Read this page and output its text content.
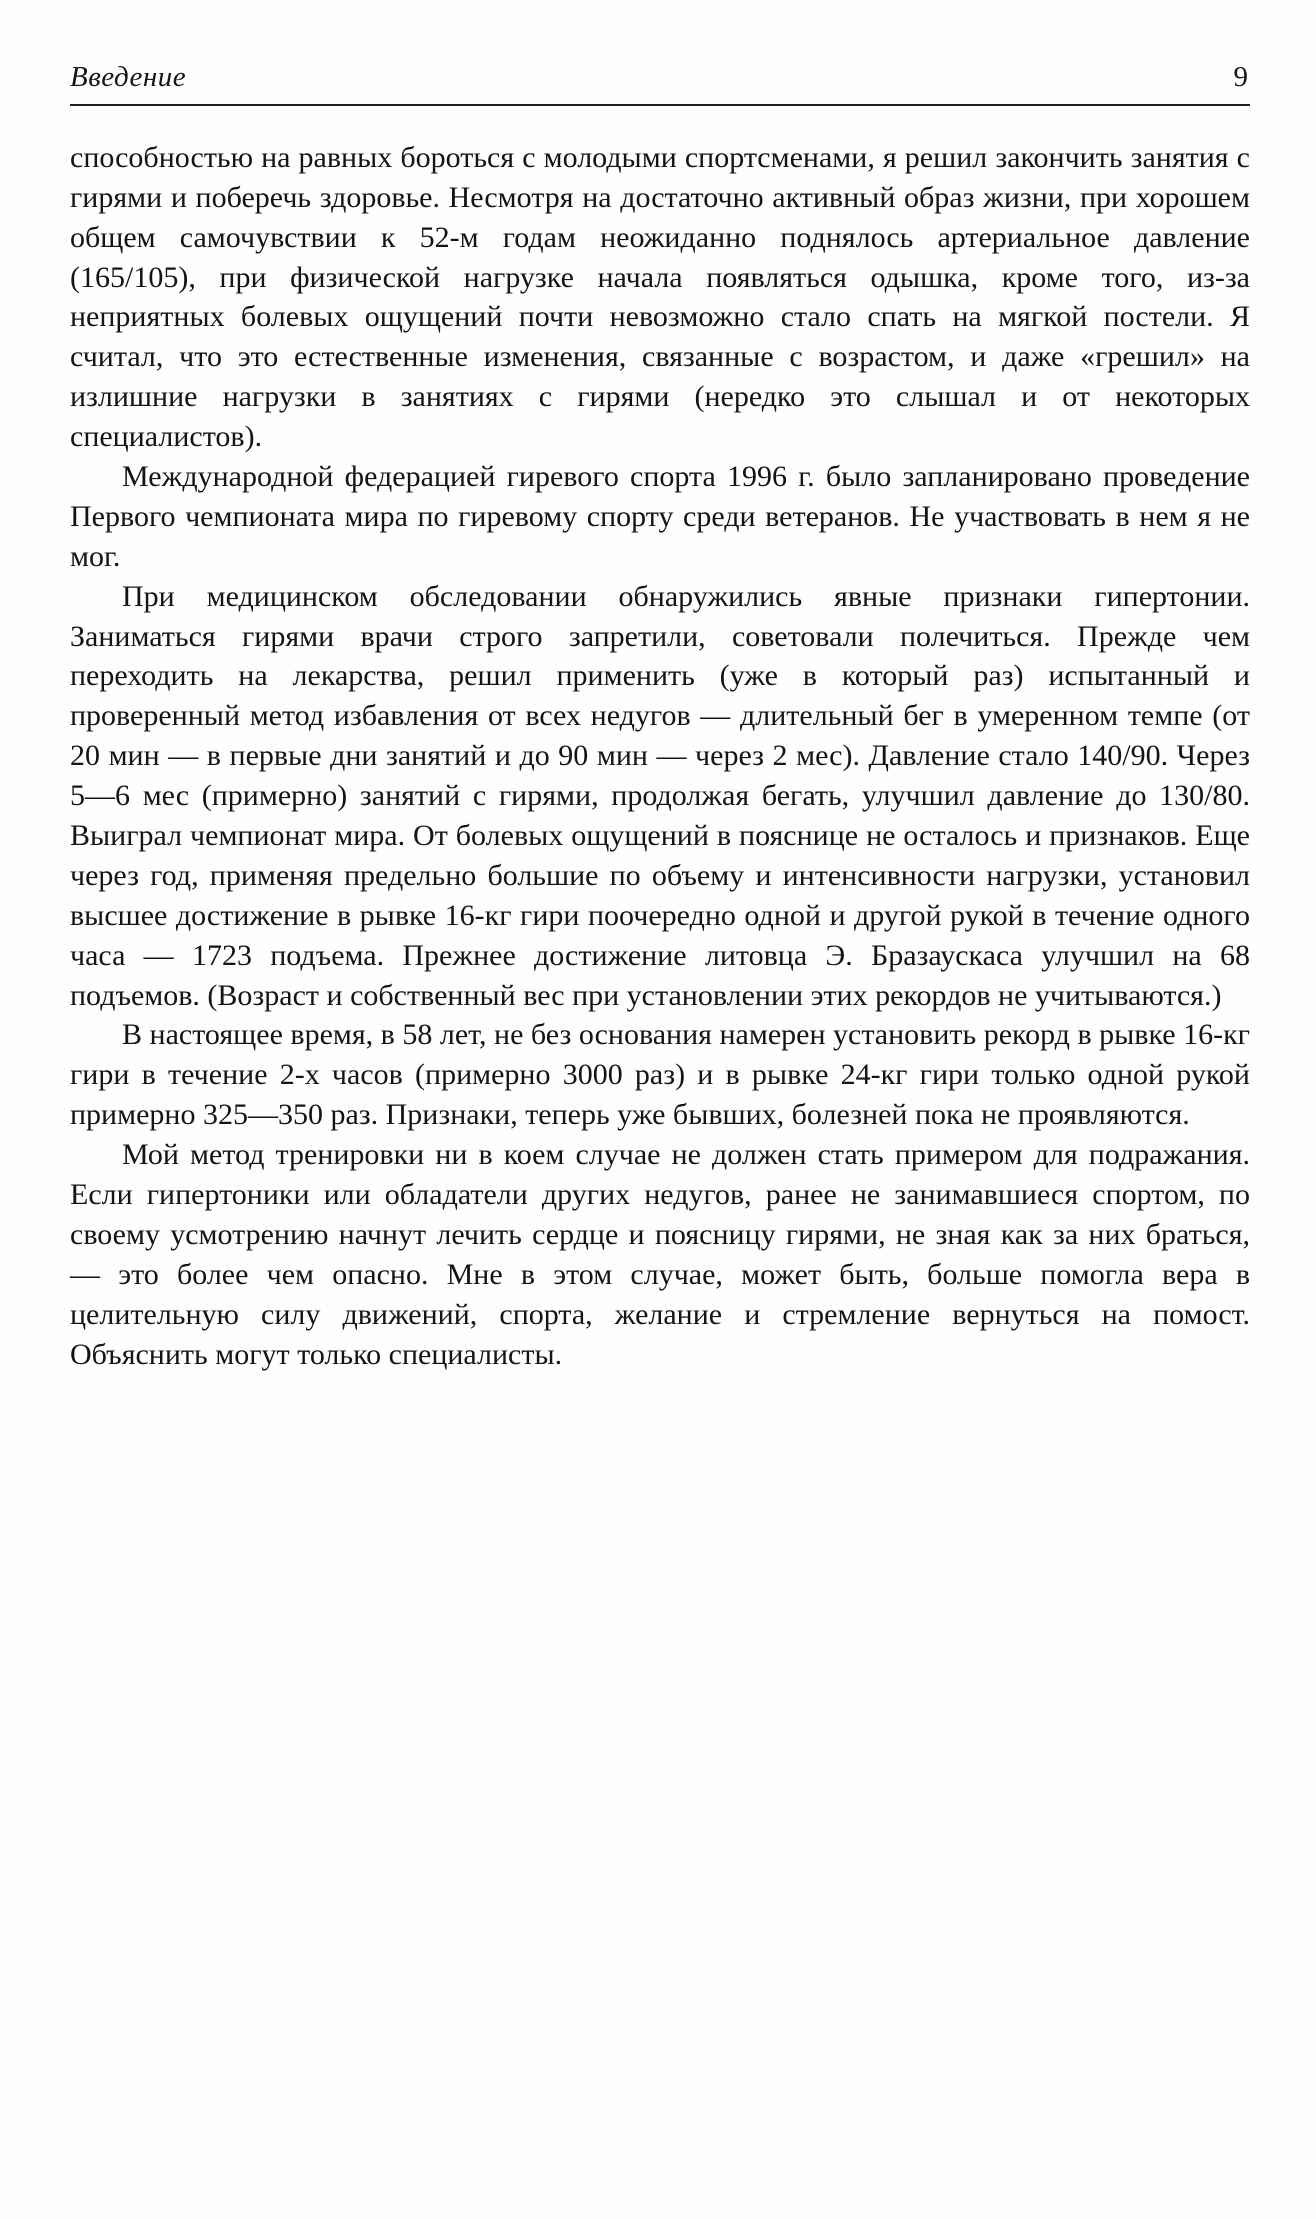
Введение	9

способностью на равных бороться с молодыми спортсменами, я решил закончить занятия с гирями и поберечь здоровье. Несмотря на достаточно активный образ жизни, при хорошем общем самочувствии к 52-м годам неожиданно поднялось артериальное давление (165/105), при физической нагрузке начала появляться одышка, кроме того, из-за неприятных болевых ощущений почти невозможно стало спать на мягкой постели. Я считал, что это естественные изменения, связанные с возрастом, и даже «грешил» на излишние нагрузки в занятиях с гирями (нередко это слышал и от некоторых специалистов).

Международной федерацией гиревого спорта 1996 г. было запланировано проведение Первого чемпионата мира по гиревому спорту среди ветеранов. Не участвовать в нем я не мог.

При медицинском обследовании обнаружились явные признаки гипертонии. Заниматься гирями врачи строго запретили, советовали полечиться. Прежде чем переходить на лекарства, решил применить (уже в который раз) испытанный и проверенный метод избавления от всех недугов — длительный бег в умеренном темпе (от 20 мин — в первые дни занятий и до 90 мин — через 2 мес). Давление стало 140/90. Через 5—6 мес (примерно) занятий с гирями, продолжая бегать, улучшил давление до 130/80. Выиграл чемпионат мира. От болевых ощущений в пояснице не осталось и признаков. Еще через год, применяя предельно большие по объему и интенсивности нагрузки, установил высшее достижение в рывке 16-кг гири поочередно одной и другой рукой в течение одного часа — 1723 подъема. Прежнее достижение литовца Э. Бразаускаса улучшил на 68 подъемов. (Возраст и собственный вес при установлении этих рекордов не учитываются.)

В настоящее время, в 58 лет, не без основания намерен установить рекорд в рывке 16-кг гири в течение 2-х часов (примерно 3000 раз) и в рывке 24-кг гири только одной рукой примерно 325—350 раз. Признаки, теперь уже бывших, болезней пока не проявляются.

Мой метод тренировки ни в коем случае не должен стать примером для подражания. Если гипертоники или обладатели других недугов, ранее не занимавшиеся спортом, по своему усмотрению начнут лечить сердце и поясницу гирями, не зная как за них браться, — это более чем опасно. Мне в этом случае, может быть, больше помогла вера в целительную силу движений, спорта, желание и стремление вернуться на помост. Объяснить могут только специалисты.
